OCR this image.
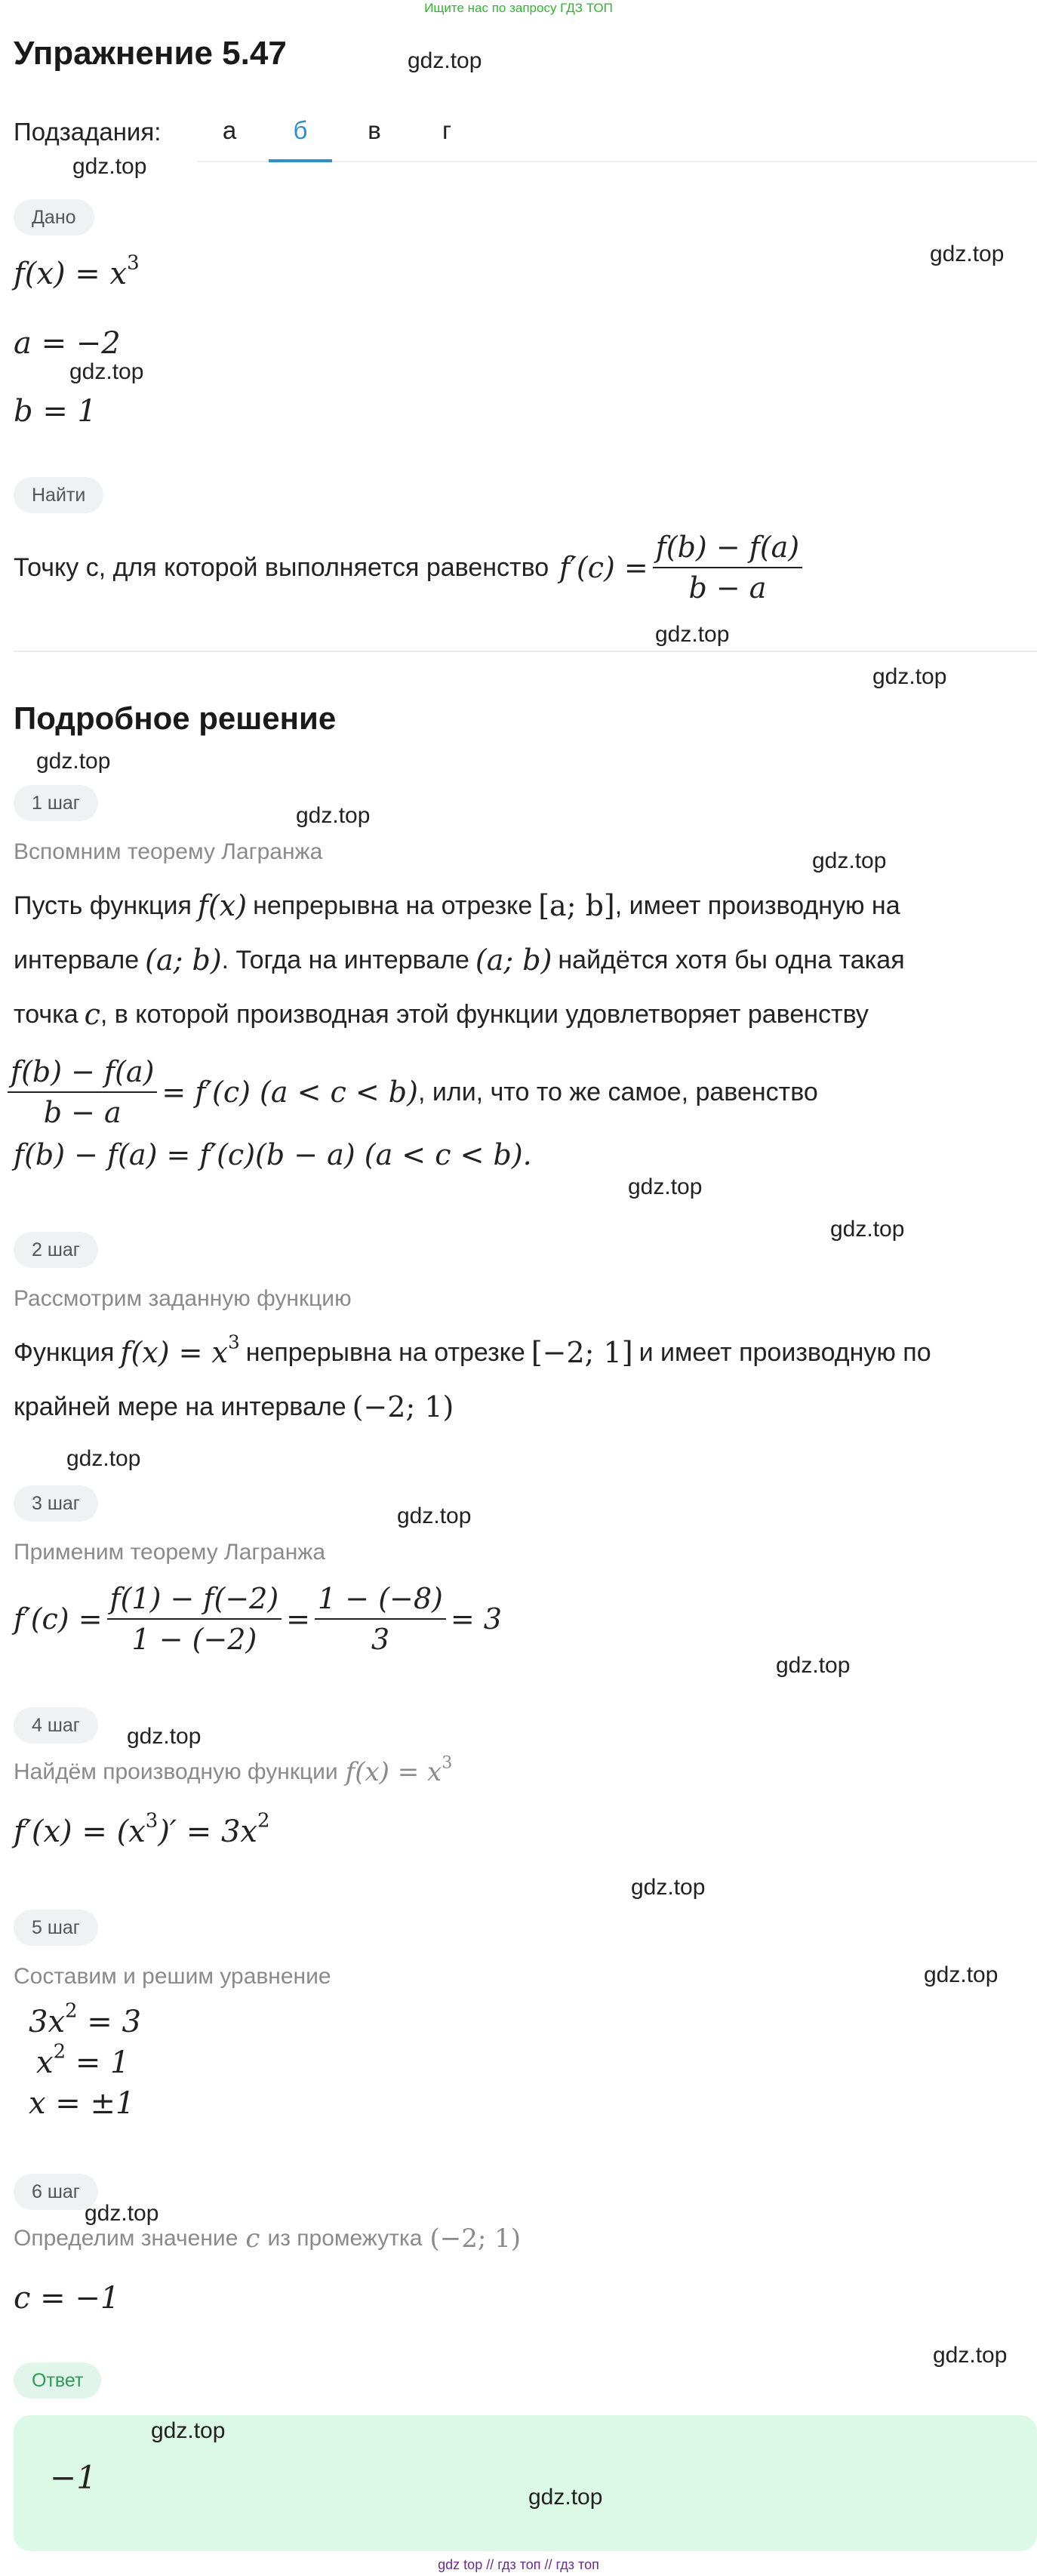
Ищите нас по запросу ГДЗ ТОП
Упражнение 5.47
Подзадания:	а	б	в	г
Дано
$f(x) = x^3$
a = −2
b = 1
Найти
Точку c, для которой выполняется равенство $f'(c) = \frac{f(b) - f(a)}{b - a}$
Подробное решение
1 шаг
Вспомним теорему Лагранжа
Пусть функция f(x) непрерывна на отрезке [a; b] , имеет производную на
интервале (a; b) . Тогда на интервале (a; b) найдётся хотя бы одна такая
точка c , в которой производная этой функции удовлетворяет равенству
$\frac{f(b) - f(a)}{b - a} = f'(c) (a < c < b)$ , или, что то же самое, равенство
f(b) − f(a) = f′(c)(b − a) (a < c < b).
2 шаг
Рассмотрим заданную функцию
Функция $f(x) = x^3$ непрерывна на отрезке [−2; 1] и имеет производную по
крайней мере на интервале (−2; 1)
3 шаг
Применим теорему Лагранжа
$f'(c) = \frac{f(1) - f(-2)}{1 - (-2)} = \frac{1 - (-8)}{3} = 3$
4 шаг
Найдём производную функции $f(x) = x^3$
$f'(x) = (x^3)' = 3x^2$
5 шаг
Составим и решим уравнение
$3x^2 = 3$
$x^2 = 1$
x = ±1
6 шаг
Определим значение c из промежутка (−2; 1)
c = −1
Ответ
−1
gdz.top
gdz.top
gdz.top
gdz.top
gdz.top
gdz.top
gdz.top
gdz.top
gdz.top
gdz.top
gdz.top
gdz.top
gdz.top
gdz.top
gdz.top
gdz.top
gdz.top
gdz.top
gdz.top
gdz.top
gdz.top
gdz top // гдз топ // гдз топ
